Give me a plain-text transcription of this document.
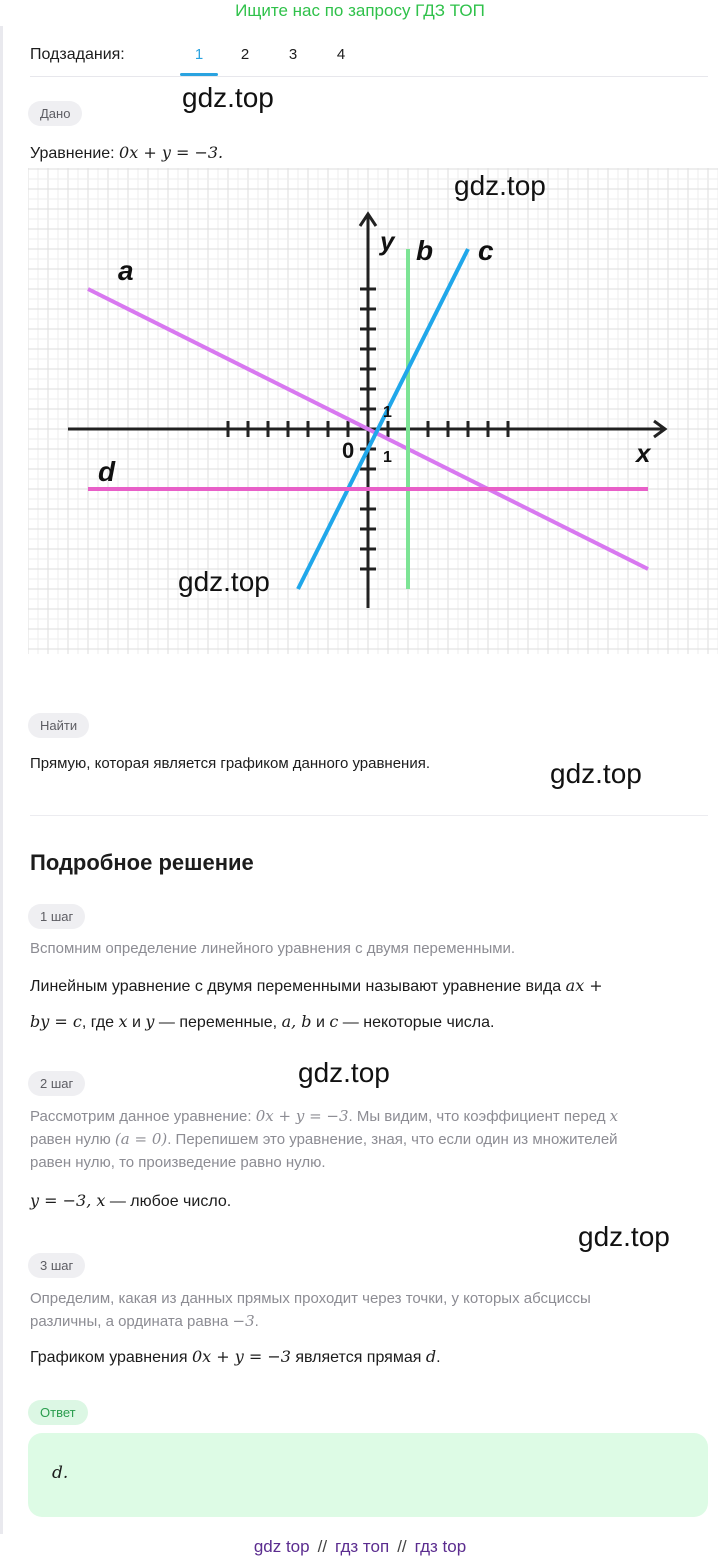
Ищите нас по запросу ГДЗ ТОП
Подзадания:	1	2	3	4
Дано
gdz.top
Уравнение: 0x + y = −3.
a
b c
d
y
x
0 1
1
gdz.top
gdz.top
Найти
Прямую, которая является графиком данного уравнения.	gdz.top
Подробное решение
1 шаг
Вспомним определение линейного уравнения с двумя переменными.
Линейным уравнение с двумя переменными называют уравнение вида ax +
by = c, где x и y — переменные, a, b и c — некоторые числа.
2 шаг	gdz.top
Рассмотрим данное уравнение: 0x + y = −3. Мы видим, что коэффициент перед x
равен нулю (a = 0). Перепишем это уравнение, зная, что если один из множителей
равен нулю, то произведение равно нулю.
y = −3, x — любое число.
gdz.top
3 шаг
Определим, какая из данных прямых проходит через точки, у которых абсциссы
различны, а ордината равна −3.
Графиком уравнения 0x + y = −3 является прямая d.
Ответ
d.
gdz top // гдз топ // гдз top
